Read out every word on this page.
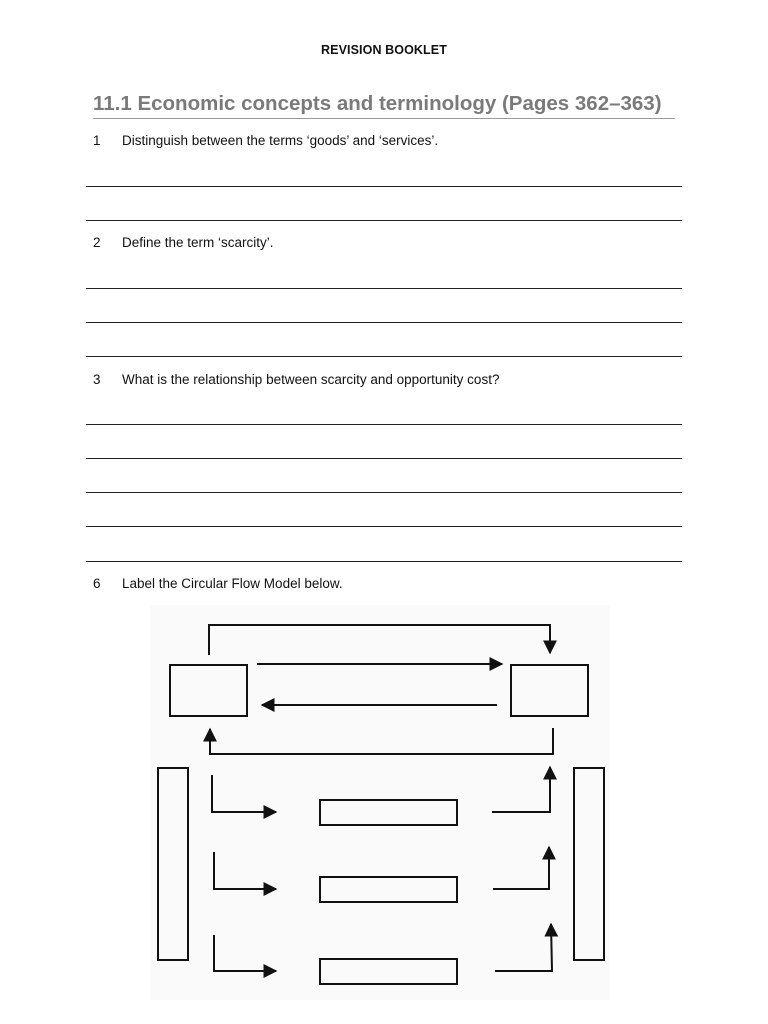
REVISION BOOKLET
11.1 Economic concepts and terminology (Pages 362–363)
1 Distinguish between the terms ‘goods’ and ‘services’.
2 Define the term ‘scarcity’.
3 What is the relationship between scarcity and opportunity cost?
6 Label the Circular Flow Model below.
